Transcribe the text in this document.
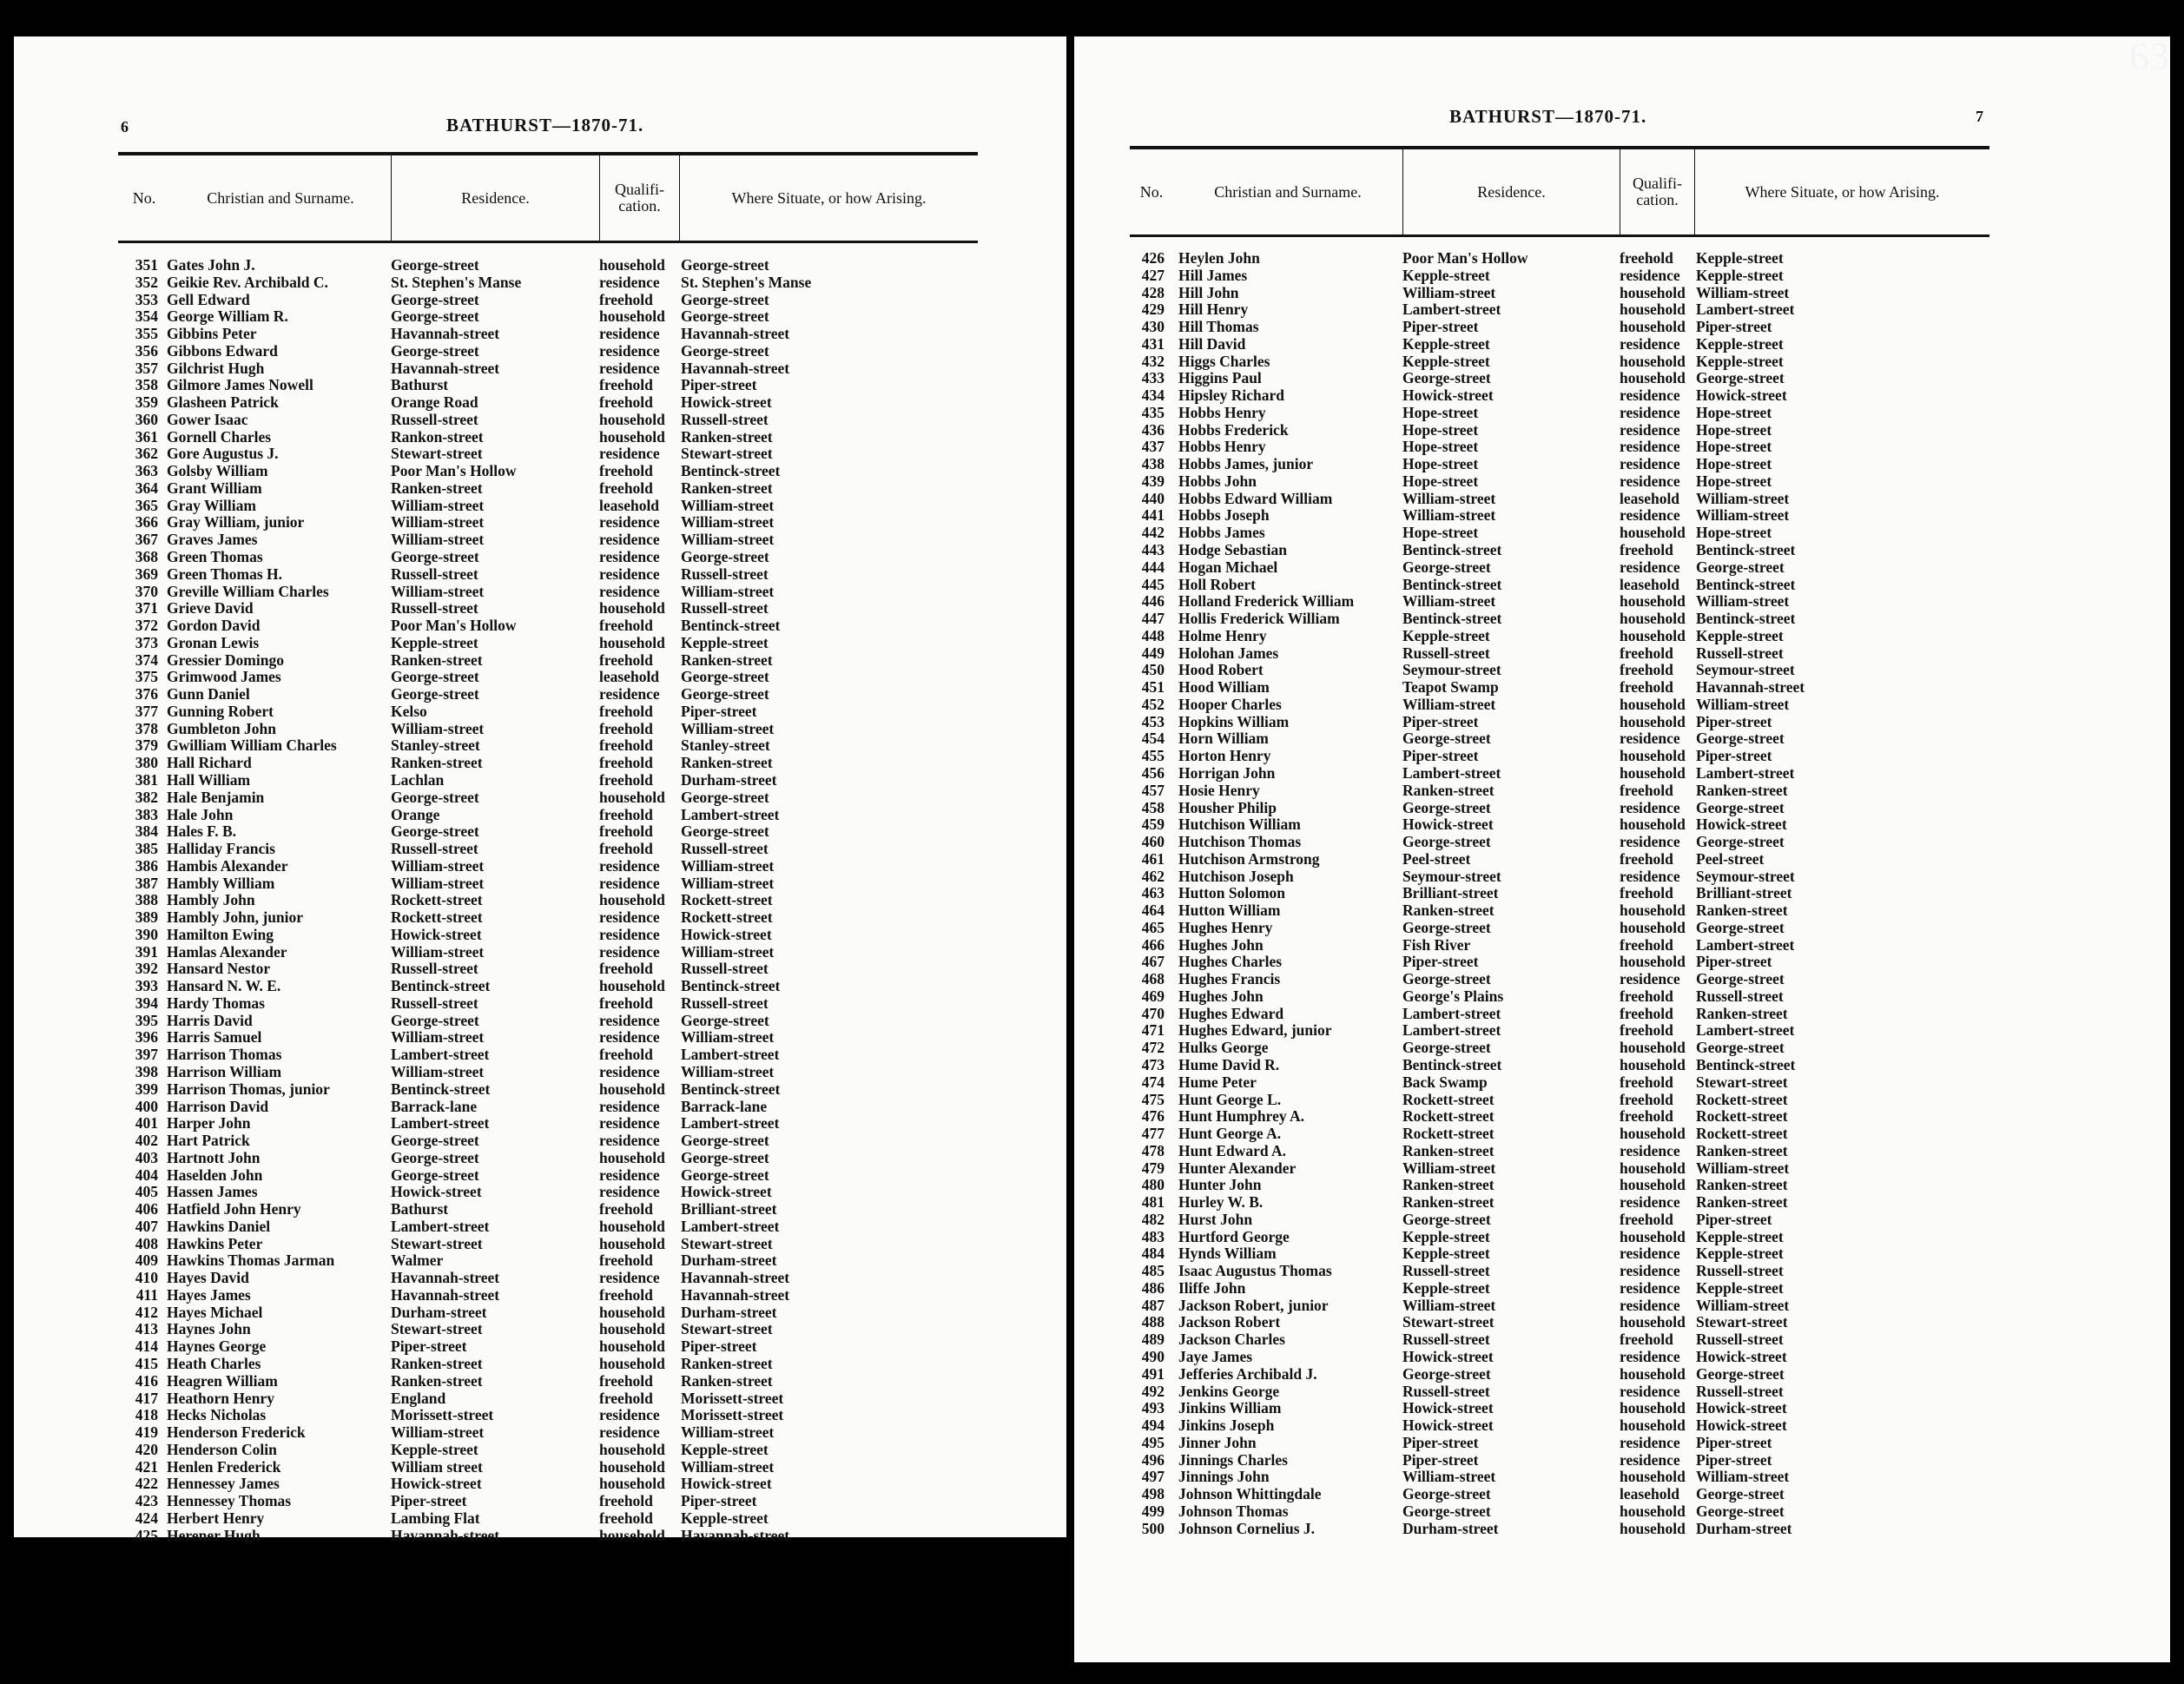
6	BATHURST—1870-71.
No.	Christian and Surname.	Residence.	Qualifi-cation.	Where Situate, or how Arising.
351 Gates John J.	George-street	household	George-street
352 Geikie Rev. Archibald C.	St. Stephen's Manse	residence	St. Stephen's Manse
353 Gell Edward	George-street	freehold	George-street
354 George William R.	George-street	household	George-street
355 Gibbins Peter	Havannah-street	residence	Havannah-street
356 Gibbons Edward	George-street	residence	George-street
357 Gilchrist Hugh	Havannah-street	residence	Havannah-street
358 Gilmore James Nowell	Bathurst	freehold	Piper-street
359 Glasheen Patrick	Orange Road	freehold	Howick-street
360 Gower Isaac	Russell-street	household	Russell-street
361 Gornell Charles	Rankon-street	household	Ranken-street
362 Gore Augustus J.	Stewart-street	residence	Stewart-street
363 Golsby William	Poor Man's Hollow	freehold	Bentinck-street
364 Grant William	Ranken-street	freehold	Ranken-street
365 Gray William	William-street	leasehold	William-street
366 Gray William, junior	William-street	residence	William-street
367 Graves James	William-street	residence	William-street
368 Green Thomas	George-street	residence	George-street
369 Green Thomas H.	Russell-street	residence	Russell-street
370 Greville William Charles	William-street	residence	William-street
371 Grieve David	Russell-street	household	Russell-street
372 Gordon David	Poor Man's Hollow	freehold	Bentinck-street
373 Gronan Lewis	Kepple-street	household	Kepple-street
374 Gressier Domingo	Ranken-street	freehold	Ranken-street
375 Grimwood James	George-street	leasehold	George-street
376 Gunn Daniel	George-street	residence	George-street
377 Gunning Robert	Kelso	freehold	Piper-street
378 Gumbleton John	William-street	freehold	William-street
379 Gwilliam William Charles	Stanley-street	freehold	Stanley-street
380 Hall Richard	Ranken-street	freehold	Ranken-street
381 Hall William	Lachlan	freehold	Durham-street
382 Hale Benjamin	George-street	household	George-street
383 Hale John	Orange	freehold	Lambert-street
384 Hales F. B.	George-street	freehold	George-street
385 Halliday Francis	Russell-street	freehold	Russell-street
386 Hambis Alexander	William-street	residence	William-street
387 Hambly William	William-street	residence	William-street
388 Hambly John	Rockett-street	household	Rockett-street
389 Hambly John, junior	Rockett-street	residence	Rockett-street
390 Hamilton Ewing	Howick-street	residence	Howick-street
391 Hamlas Alexander	William-street	residence	William-street
392 Hansard Nestor	Russell-street	freehold	Russell-street
393 Hansard N. W. E.	Bentinck-street	household	Bentinck-street
394 Hardy Thomas	Russell-street	freehold	Russell-street
395 Harris David	George-street	residence	George-street
396 Harris Samuel	William-street	residence	William-street
397 Harrison Thomas	Lambert-street	freehold	Lambert-street
398 Harrison William	William-street	residence	William-street
399 Harrison Thomas, junior	Bentinck-street	household	Bentinck-street
400 Harrison David	Barrack-lane	residence	Barrack-lane
401 Harper John	Lambert-street	residence	Lambert-street
402 Hart Patrick	George-street	residence	George-street
403 Hartnott John	George-street	household	George-street
404 Haselden John	George-street	residence	George-street
405 Hassen James	Howick-street	residence	Howick-street
406 Hatfield John Henry	Bathurst	freehold	Brilliant-street
407 Hawkins Daniel	Lambert-street	household	Lambert-street
408 Hawkins Peter	Stewart-street	household	Stewart-street
409 Hawkins Thomas Jarman	Walmer	freehold	Durham-street
410 Hayes David	Havannah-street	residence	Havannah-street
411 Hayes James	Havannah-street	freehold	Havannah-street
412 Hayes Michael	Durham-street	household	Durham-street
413 Haynes John	Stewart-street	household	Stewart-street
414 Haynes George	Piper-street	household	Piper-street
415 Heath Charles	Ranken-street	household	Ranken-street
416 Heagren William	Ranken-street	freehold	Ranken-street
417 Heathorn Henry	England	freehold	Morissett-street
418 Hecks Nicholas	Morissett-street	residence	Morissett-street
419 Henderson Frederick	William-street	residence	William-street
420 Henderson Colin	Kepple-street	household	Kepple-street
421 Henlen Frederick	William street	household	William-street
422 Hennessey James	Howick-street	household	Howick-street
423 Hennessey Thomas	Piper-street	freehold	Piper-street
424 Herbert Henry	Lambing Flat	freehold	Kepple-street
425 Herener Hugh	Havannah-street	household	Havannah-street
7
BATHURST—1870-71.
No.	Christian and Surname.	Residence.	Qualifi-cation.	Where Situate, or how Arising.
426 Heylen John	Poor Man's Hollow	freehold	Kepple-street
427 Hill James	Kepple-street	residence	Kepple-street
428 Hill John	William-street	household William-street
429 Hill Henry	Lambert-street	household Lambert-street
430 Hill Thomas	Piper-street	household Piper-street
431 Hill David	Kepple-street	residence	Kepple-street
432 Higgs Charles	Kepple-street	household Kepple-street
433 Higgins Paul	George-street	household George-street
434 Hipsley Richard	Howick-street	residence	Howick-street
435 Hobbs Henry	Hope-street	residence	Hope-street
436 Hobbs Frederick	Hope-street	residence	Hope-street
437 Hobbs Henry	Hope-street	residence	Hope-street
438 Hobbs James, junior	Hope-street	residence	Hope-street
439 Hobbs John	Hope-street	residence	Hope-street
440 Hobbs Edward William	William-street	leasehold	William-street
441 Hobbs Joseph	William-street	residence	William-street
442 Hobbs James	Hope-street	household Hope-street
443 Hodge Sebastian	Bentinck-street	freehold	Bentinck-street
444 Hogan Michael	George-street	residence	George-street
445 Holl Robert	Bentinck-street	leasehold	Bentinck-street
446 Holland Frederick William	William-street	household William-street
447 Hollis Frederick William	Bentinck-street	household Bentinck-street
448 Holme Henry	Kepple-street	household Kepple-street
449 Holohan James	Russell-street	freehold	Russell-street
450 Hood Robert	Seymour-street	freehold	Seymour-street
451 Hood William	Teapot Swamp	freehold	Havannah-street
452 Hooper Charles	William-street	household William-street
453 Hopkins William	Piper-street	household Piper-street
454 Horn William	George-street	residence	George-street
455 Horton Henry	Piper-street	household Piper-street
456 Horrigan John	Lambert-street	household Lambert-street
457 Hosie Henry	Ranken-street	freehold	Ranken-street
458 Housher Philip	George-street	residence	George-street
459 Hutchison William	Howick-street	household Howick-street
460 Hutchison Thomas	George-street	residence	George-street
461 Hutchison Armstrong	Peel-street	freehold	Peel-street
462 Hutchison Joseph	Seymour-street	residence	Seymour-street
463 Hutton Solomon	Brilliant-street	freehold	Brilliant-street
464 Hutton William	Ranken-street	household Ranken-street
465 Hughes Henry	George-street	household George-street
466 Hughes John	Fish River	freehold	Lambert-street
467 Hughes Charles	Piper-street	household Piper-street
468 Hughes Francis	George-street	residence	George-street
469 Hughes John	George's Plains	freehold	Russell-street
470 Hughes Edward	Lambert-street	freehold	Ranken-street
471 Hughes Edward, junior	Lambert-street	freehold	Lambert-street
472 Hulks George	George-street	household George-street
473 Hume David R.	Bentinck-street	household Bentinck-street
474 Hume Peter	Back Swamp	freehold	Stewart-street
475 Hunt George L.	Rockett-street	freehold	Rockett-street
476 Hunt Humphrey A.	Rockett-street	freehold	Rockett-street
477 Hunt George A.	Rockett-street	household Rockett-street
478 Hunt Edward A.	Ranken-street	residence	Ranken-street
479 Hunter Alexander	William-street	household William-street
480 Hunter John	Ranken-street	household Ranken-street
481 Hurley W. B.	Ranken-street	residence	Ranken-street
482 Hurst John	George-street	freehold	Piper-street
483 Hurtford George	Kepple-street	household Kepple-street
484 Hynds William	Kepple-street	residence	Kepple-street
485 Isaac Augustus Thomas	Russell-street	residence	Russell-street
486 Iliffe John	Kepple-street	residence	Kepple-street
487 Jackson Robert, junior	William-street	residence	William-street
488 Jackson Robert	Stewart-street	household Stewart-street
489 Jackson Charles	Russell-street	freehold	Russell-street
490 Jaye James	Howick-street	residence	Howick-street
491 Jefferies Archibald J.	George-street	household George-street
492 Jenkins George	Russell-street	residence	Russell-street
493 Jinkins William	Howick-street	household Howick-street
494 Jinkins Joseph	Howick-street	household Howick-street
495 Jinner John	Piper-street	residence	Piper-street
496 Jinnings Charles	Piper-street	residence	Piper-street
497 Jinnings John	William-street	household William-street
498 Johnson Whittingdale	George-street	leasehold	George-street
499 Johnson Thomas	George-street	household George-street
500 Johnson Cornelius J.	Durham-street	household Durham-street
63
